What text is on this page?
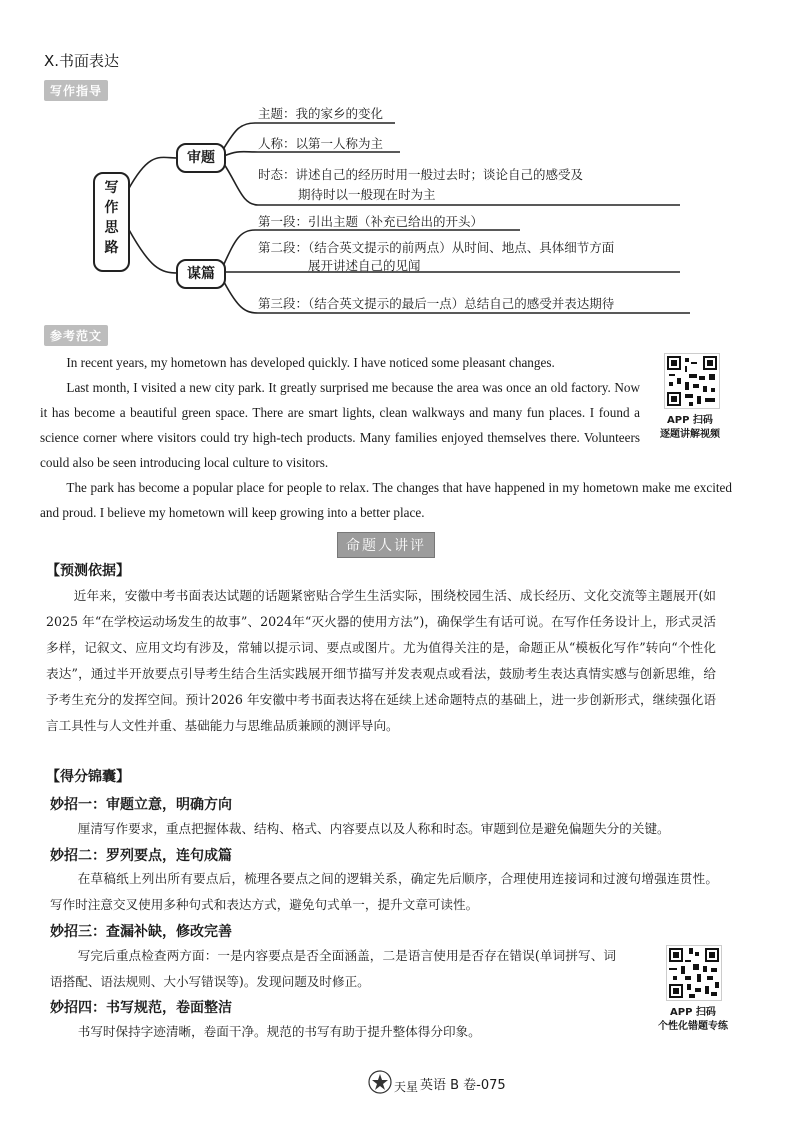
X.书面表达
写作指导
写作思路
审题
谋篇
主题：我的家乡的变化
人称：以第一人称为主
时态：讲述自己的经历时用一般过去时；谈论自己的感受及
期待时以一般现在时为主
第一段：引出主题（补充已给出的开头）
第二段：（结合英文提示的前两点）从时间、地点、具体细节方面
展开讲述自己的见闻
第三段：（结合英文提示的最后一点）总结自己的感受并表达期待
参考范文

In recent years, my hometown has developed quickly. I have noticed some pleasant changes.

Last month, I visited a new city park. It greatly surprised me because the area was once an old factory. Now it has become a beautiful green space. There are smart lights, clean walkways and many fun places. I found a science corner where visitors could try high-tech products. Many families enjoyed themselves there. Volunteers could also be seen introducing local culture to visitors.

The park has become a popular place for people to relax. The changes that have happened in my hometown make me excited and proud. I believe my hometown will keep growing into a better place.

APP 扫码
逐题讲解视频
命题人讲评
【预测依据】

近年来，安徽中考书面表达试题的话题紧密贴合学生生活实际，围绕校园生活、成长经历、文化交流等主题展开(如2025 年“在学校运动场发生的故事”、2024年“灭火器的使用方法”)，确保学生有话可说。在写作任务设计上，形式灵活多样，记叙文、应用文均有涉及，常辅以提示词、要点或图片。尤为值得关注的是，命题正从“模板化写作”转向“个性化表达”，通过半开放要点引导考生结合生活实践展开细节描写并发表观点或看法，鼓励考生表达真情实感与创新思维，给予考生充分的发挥空间。预计2026 年安徽中考书面表达将在延续上述命题特点的基础上，进一步创新形式，继续强化语言工具性与人文性并重、基础能力与思维品质兼顾的测评导向。

【得分锦囊】
妙招一：审题立意，明确方向

厘清写作要求，重点把握体裁、结构、格式、内容要点以及人称和时态。审题到位是避免偏题失分的关键。

妙招二：罗列要点，连句成篇

在草稿纸上列出所有要点后，梳理各要点之间的逻辑关系，确定先后顺序，合理使用连接词和过渡句增强连贯性。写作时注意交叉使用多种句式和表达方式，避免句式单一，提升文章可读性。

妙招三：查漏补缺，修改完善

写完后重点检查两方面：一是内容要点是否全面涵盖，二是语言使用是否存在错误(单词拼写、词语搭配、语法规则、大小写错误等)。发现问题及时修正。

妙招四：书写规范，卷面整洁

书写时保持字迹清晰，卷面干净。规范的书写有助于提升整体得分印象。

APP 扫码
个性化错题专练
天星 英语 B 卷-075
